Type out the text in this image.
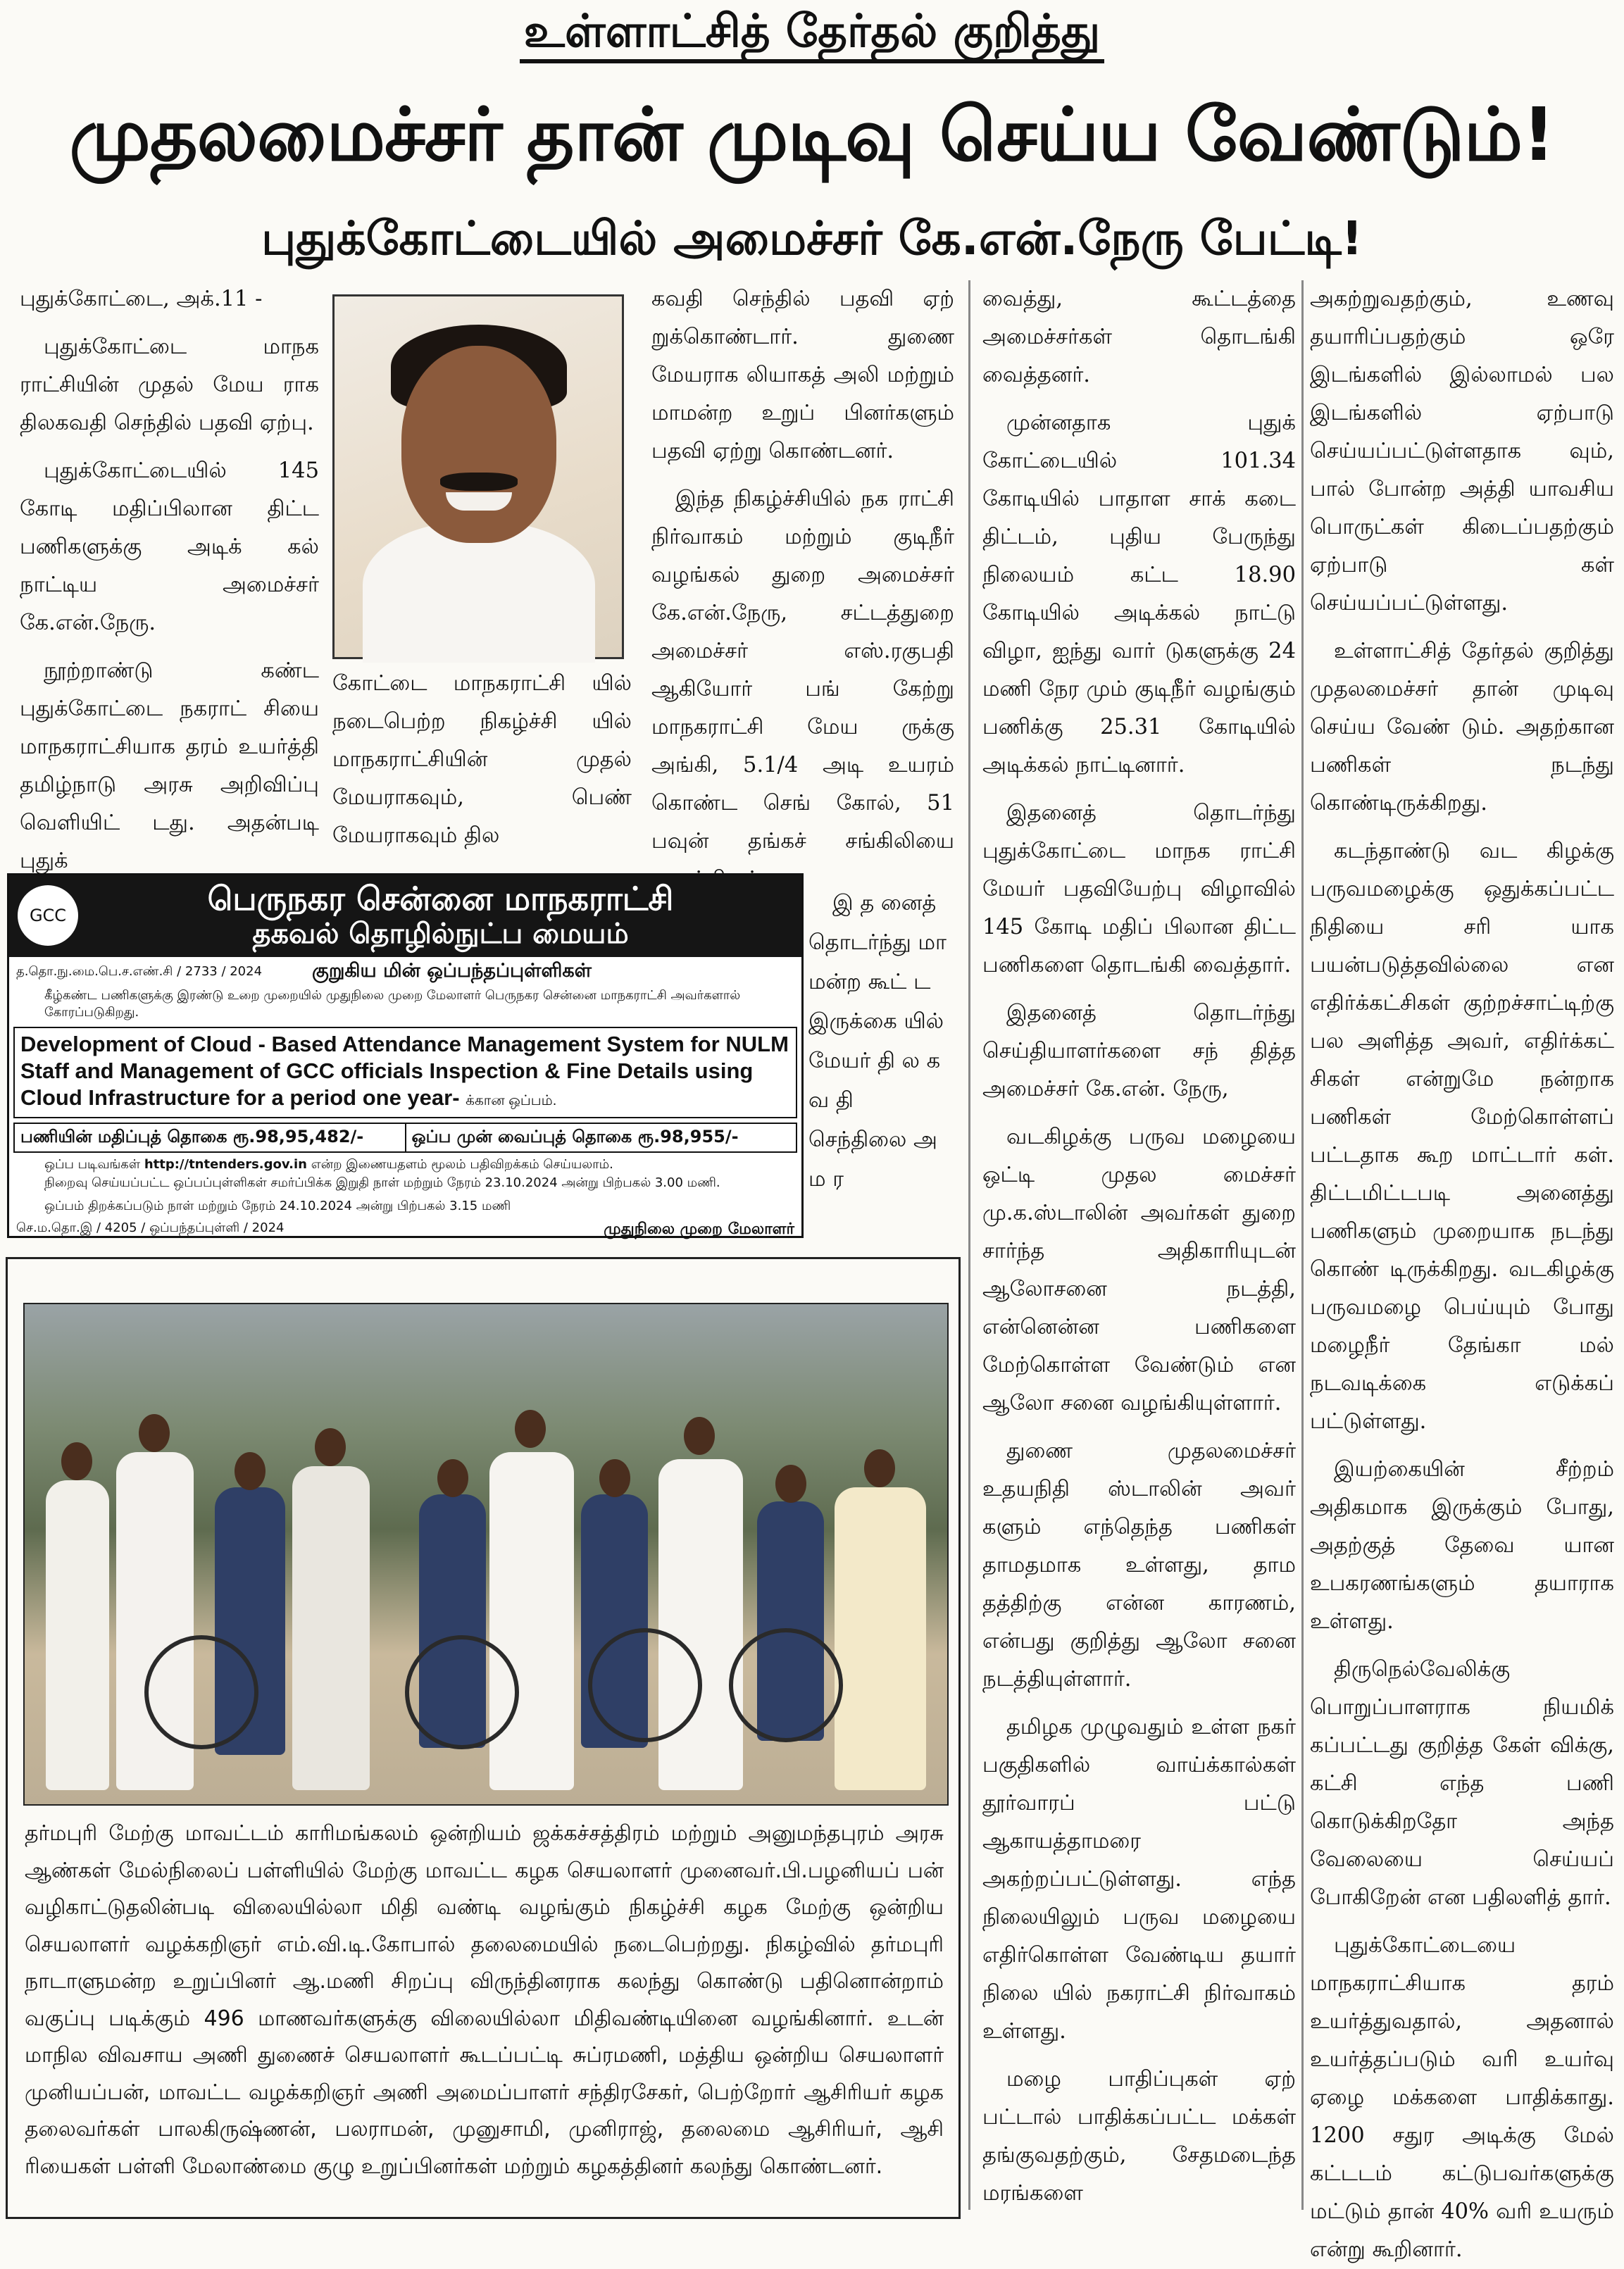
உள்ளாட்சித் தேர்தல் குறித்து
முதலமைச்சர் தான் முடிவு செய்ய வேண்டும்!
புதுக்கோட்டையில் அமைச்சர் கே.என்.நேரு பேட்டி!

புதுக்கோட்டை, அக்.11 -

புதுக்கோட்டை மாநக ராட்சியின் முதல் மேய ராக திலகவதி செந்தில் பதவி ஏற்பு.

புதுக்கோட்டையில் 145 கோடி மதிப்பிலான திட்ட பணிகளுக்கு அடிக் கல் நாட்டிய அமைச்சர் கே.என்.நேரு.

நூற்றாண்டு கண்ட புதுக்கோட்டை நகராட் சியை மாநகராட்சியாக தரம் உயர்த்தி தமிழ்நாடு அரசு அறிவிப்பு வெளியிட் டது. அதன்படி புதுக்

கோட்டை மாநகராட்சி யில் நடைபெற்ற நிகழ்ச்சி யில் மாநகராட்சியின் முதல் மேயராகவும், பெண் மேயராகவும் தில

கவதி செந்தில் பதவி ஏற் றுக்கொண்டார். துணை மேயராக லியாகத் அலி மற்றும் மாமன்ற உறுப் பினர்களும் பதவி ஏற்று கொண்டனர்.

இந்த நிகழ்ச்சியில் நக ராட்சி நிர்வாகம் மற்றும் குடிநீர் வழங்கல் துறை அமைச்சர் கே.என்.நேரு, சட்டத்துறை அமைச்சர் எஸ்.ரகுபதி ஆகியோர் பங் கேற்று மாநகராட்சி மேய ருக்கு அங்கி, 5.1/4 அடி உயரம் கொண்ட செங் கோல், 51 பவுன் தங்கச் சங்கிலியை

இ த னைத் தொடர்ந்து மா மன்ற கூட் ட இருக்கை யில் மேயர் தி ல க வ தி செந்திலை அ ம ர

வைத்து, கூட்டத்தை அமைச்சர்கள் தொடங்கி வைத்தனர்.

முன்னதாக புதுக் கோட்டையில் 101.34 கோடியில் பாதாள சாக் கடை திட்டம், புதிய பேருந்து நிலையம் கட்ட 18.90 கோடியில் அடிக்கல் நாட்டு விழா, ஐந்து வார் டுகளுக்கு 24 மணி நேர மும் குடிநீர் வழங்கும் பணிக்கு 25.31 கோடியில் அடிக்கல் நாட்டினார்.

இதனைத் தொடர்ந்து புதுக்கோட்டை மாநக ராட்சி மேயர் பதவியேற்பு விழாவில் 145 கோடி மதிப் பிலான திட்ட பணிகளை தொடங்கி வைத்தார்.

இதனைத் தொடர்ந்து செய்தியாளர்களை சந் தித்த அமைச்சர் கே.என். நேரு,

வடகிழக்கு பருவ மழையை ஒட்டி முதல மைச்சர் மு.க.ஸ்டாலின் அவர்கள் துறை சார்ந்த அதிகாரியுடன் ஆலோசனை நடத்தி, என்னென்ன பணிகளை மேற்கொள்ள வேண்டும் என ஆலோ சனை வழங்கியுள்ளார்.

துணை முதலமைச்சர் உதயநிதி ஸ்டாலின் அவர் களும் எந்தெந்த பணிகள் தாமதமாக உள்ளது, தாம தத்திற்கு என்ன காரணம், என்பது குறித்து ஆலோ சனை நடத்தியுள்ளார்.

தமிழக முழுவதும் உள்ள நகர் பகுதிகளில் வாய்க்கால்கள் தூர்வாரப் பட்டு ஆகாயத்தாமரை அகற்றப்பட்டுள்ளது. எந்த நிலையிலும் பருவ மழையை எதிர்கொள்ள வேண்டிய தயார் நிலை யில் நகராட்சி நிர்வாகம் உள்ளது.

மழை பாதிப்புகள் ஏற் பட்டால் பாதிக்கப்பட்ட மக்கள் தங்குவதற்கும், சேதமடைந்த மரங்களை

அகற்றுவதற்கும், உணவு தயாரிப்பதற்கும் ஒரே இடங்களில் இல்லாமல் பல இடங்களில் ஏற்பாடு செய்யப்பட்டுள்ளதாக வும், பால் போன்ற அத்தி யாவசிய பொருட்கள் கிடைப்பதற்கும் ஏற்பாடு கள் செய்யப்பட்டுள்ளது.

உள்ளாட்சித் தேர்தல் குறித்து முதலமைச்சர் தான் முடிவு செய்ய வேண் டும். அதற்கான பணிகள் நடந்து கொண்டிருக்கிறது.

கடந்தாண்டு வட கிழக்கு பருவமழைக்கு ஒதுக்கப்பட்ட நிதியை சரி யாக பயன்படுத்தவில்லை என எதிர்க்கட்சிகள் குற்றச்சாட்டிற்கு பல அளித்த அவர், எதிர்க்கட் சிகள் என்றுமே நன்றாக பணிகள் மேற்கொள்ளப் பட்டதாக கூற மாட்டார் கள். திட்டமிட்டபடி அனைத்து பணிகளும் முறையாக நடந்து கொண் டிருக்கிறது. வடகிழக்கு பருவமழை பெய்யும் போது மழைநீர் தேங்கா மல் நடவடிக்கை எடுக்கப் பட்டுள்ளது.

இயற்கையின் சீற்றம் அதிகமாக இருக்கும் போது, அதற்குத் தேவை யான உபகரணங்களும் தயாராக உள்ளது.

திருநெல்வேலிக்கு பொறுப்பாளராக நியமிக் கப்பட்டது குறித்த கேள் விக்கு, கட்சி எந்த பணி கொடுக்கிறதோ அந்த வேலையை செய்யப் போகிறேன் என பதிலளித் தார்.

புதுக்கோட்டையை மாநகராட்சியாக தரம் உயர்த்துவதால், அதனால் உயர்த்தப்படும் வரி உயர்வு ஏழை மக்களை பாதிக்காது. 1200 சதுர அடிக்கு மேல் கட்டடம் கட்டுபவர்களுக்கு மட்டும் தான் 40% வரி உயரும் என்று கூறினார்.

GCC	பெருநகர சென்னை மாநகராட்சி
தகவல் தொழில்நுட்ப மையம்
த.தொ.நு.மை.பெ.ச.எண்.சி / 2733 / 2024	குறுகிய மின் ஒப்பந்தப்புள்ளிகள்
கீழ்கண்ட பணிகளுக்கு இரண்டு உறை முறையில் முதுநிலை முறை மேலாளர் பெருநகர சென்னை மாநகராட்சி அவர்களால் கோரப்படுகிறது.
Development of Cloud - Based Attendance Management System for NULM Staff and Management of GCC officials Inspection & Fine Details using Cloud Infrastructure for a period one year- க்கான ஒப்பம்.
பணியின் மதிப்புத் தொகை ரூ.98,95,482/-	ஒப்ப முன் வைப்புத் தொகை ரூ.98,955/-
ஒப்ப படிவங்கள் http://tntenders.gov.in என்ற இணையதளம் மூலம் பதிவிறக்கம் செய்யலாம்.
நிறைவு செய்யப்பட்ட ஒப்பப்புள்ளிகள் சமர்ப்பிக்க இறுதி நாள் மற்றும் நேரம் 23.10.2024 அன்று பிற்பகல் 3.00 மணி.
ஒப்பம் திறக்கப்படும் நாள் மற்றும் நேரம் 24.10.2024 அன்று பிற்பகல் 3.15 மணி
செ.ம.தொ.இ / 4205 / ஒப்பந்தப்புள்ளி / 2024	முதுநிலை முறை மேலாளர்
தர்மபுரி மேற்கு மாவட்டம் காரிமங்கலம் ஒன்றியம் ஜக்கச்சத்திரம் மற்றும் அனுமந்தபுரம் அரசு ஆண்கள் மேல்நிலைப் பள்ளியில் மேற்கு மாவட்ட கழக செயலாளர் முனைவர்.பி.பழனியப் பன் வழிகாட்டுதலின்படி விலையில்லா மிதி வண்டி வழங்கும் நிகழ்ச்சி கழக மேற்கு ஒன்றிய செயலாளர் வழக்கறிஞர் எம்.வி.டி.கோபால் தலைமையில் நடைபெற்றது. நிகழ்வில் தர்மபுரி நாடாளுமன்ற உறுப்பினர் ஆ.மணி சிறப்பு விருந்தினராக கலந்து கொண்டு பதினொன்றாம் வகுப்பு படிக்கும் 496 மாணவர்களுக்கு விலையில்லா மிதிவண்டியினை வழங்கினார். உடன் மாநில விவசாய அணி துணைச் செயலாளர் கூடப்பட்டி சுப்ரமணி, மத்திய ஒன்றிய செயலாளர் முனியப்பன், மாவட்ட வழக்கறிஞர் அணி அமைப்பாளர் சந்திரசேகர், பெற்றோர் ஆசிரியர் கழக தலைவர்கள் பாலகிருஷ்ணன், பலராமன், முனுசாமி, முனிராஜ், தலைமை ஆசிரியர், ஆசி ரியைகள் பள்ளி மேலாண்மை குழு உறுப்பினர்கள் மற்றும் கழகத்தினர் கலந்து கொண்டனர்.
